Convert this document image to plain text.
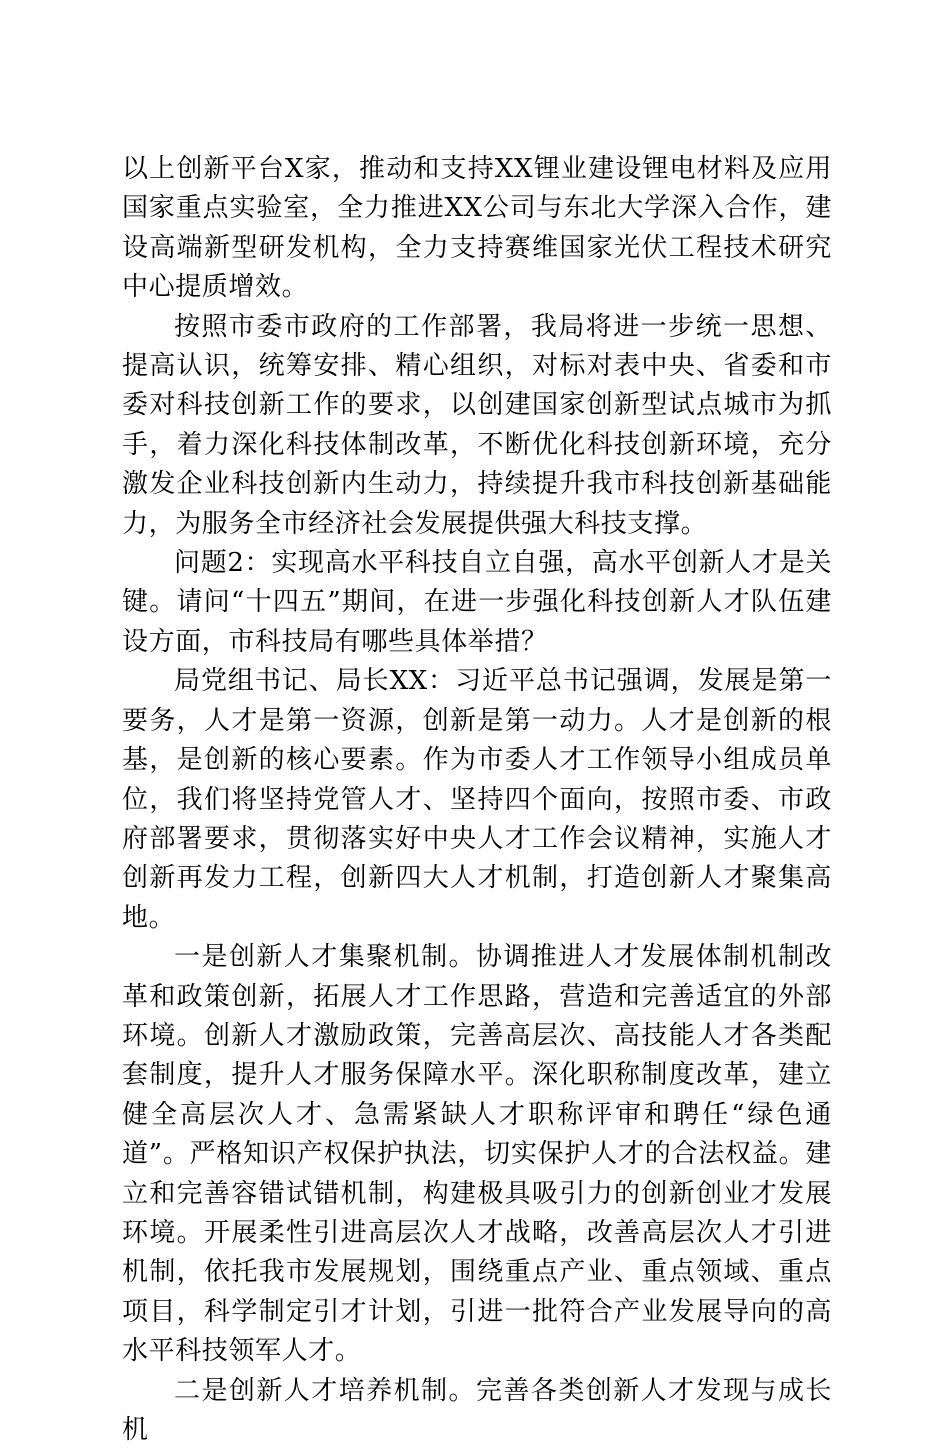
以上创新平台X家，推动和支持XX锂业建设锂电材料及应用国家重点实验室，全力推进XX公司与东北大学深入合作，建设高端新型研发机构，全力支持赛维国家光伏工程技术研究中心提质增效。

按照市委市政府的工作部署，我局将进一步统一思想、提高认识，统筹安排、精心组织，对标对表中央、省委和市委对科技创新工作的要求，以创建国家创新型试点城市为抓手，着力深化科技体制改革，不断优化科技创新环境，充分激发企业科技创新内生动力，持续提升我市科技创新基础能力，为服务全市经济社会发展提供强大科技支撑。

问题2：实现高水平科技自立自强，高水平创新人才是关键。请问“十四五”期间，在进一步强化科技创新人才队伍建设方面，市科技局有哪些具体举措？

局党组书记、局长XX：习近平总书记强调，发展是第一要务，人才是第一资源，创新是第一动力。人才是创新的根基，是创新的核心要素。作为市委人才工作领导小组成员单位，我们将坚持党管人才、坚持四个面向，按照市委、市政府部署要求，贯彻落实好中央人才工作会议精神，实施人才创新再发力工程，创新四大人才机制，打造创新人才聚集高地。

一是创新人才集聚机制。协调推进人才发展体制机制改革和政策创新，拓展人才工作思路，营造和完善适宜的外部环境。创新人才激励政策，完善高层次、高技能人才各类配套制度，提升人才服务保障水平。深化职称制度改革，建立健全高层次人才、急需紧缺人才职称评审和聘任“绿色通道”。严格知识产权保护执法，切实保护人才的合法权益。建立和完善容错试错机制，构建极具吸引力的创新创业才发展环境。开展柔性引进高层次人才战略，改善高层次人才引进机制，依托我市发展规划，围绕重点产业、重点领域、重点项目，科学制定引才计划，引进一批符合产业发展导向的高水平科技领军人才。

二是创新人才培养机制。完善各类创新人才发现与成长机
